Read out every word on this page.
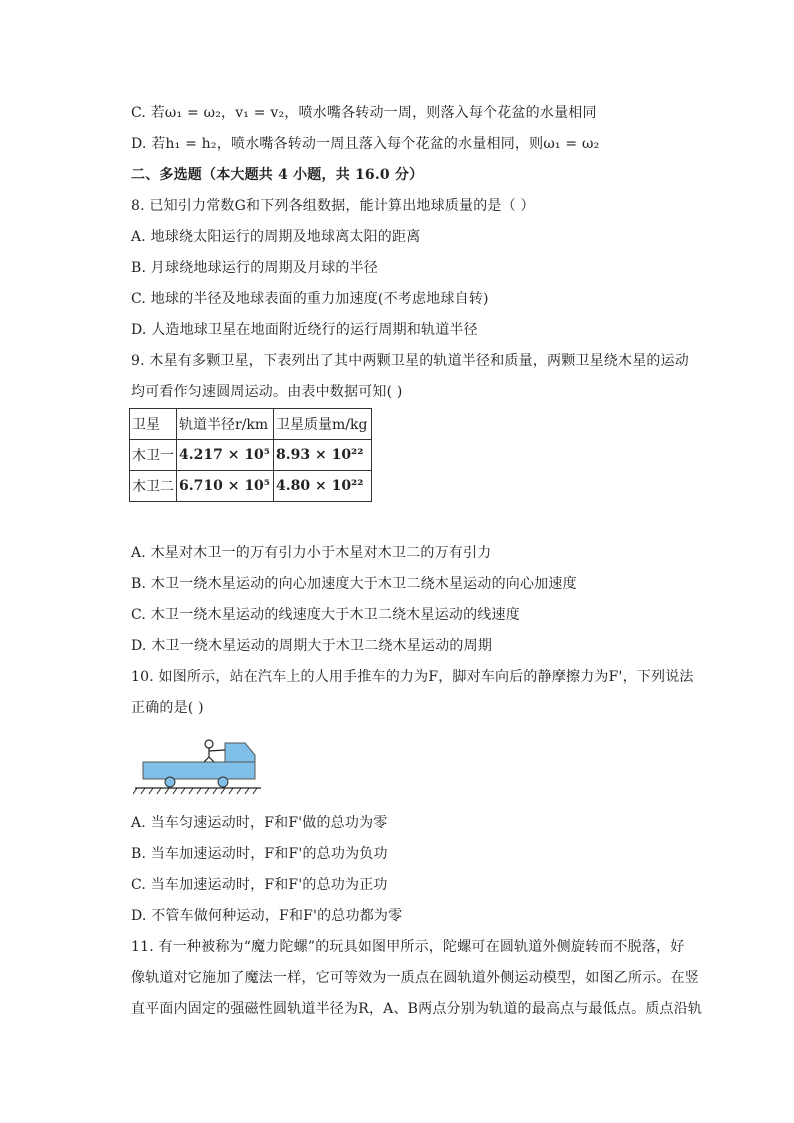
C. 若ω₁ = ω₂，v₁ = v₂，喷水嘴各转动一周，则落入每个花盆的水量相同
D. 若h₁ = h₂，喷水嘴各转动一周且落入每个花盆的水量相同，则ω₁ = ω₂
二、多选题（本大题共 4 小题，共 16.0 分）
8. 已知引力常数G和下列各组数据，能计算出地球质量的是（ ）
A. 地球绕太阳运行的周期及地球离太阳的距离
B. 月球绕地球运行的周期及月球的半径
C. 地球的半径及地球表面的重力加速度(不考虑地球自转)
D. 人造地球卫星在地面附近绕行的运行周期和轨道半径
9. 木星有多颗卫星，下表列出了其中两颗卫星的轨道半径和质量，两颗卫星绕木星的运动
均可看作匀速圆周运动。由表中数据可知( )
卫星	轨道半径r/km	卫星质量m/kg
木卫一	4.217 × 10⁵	8.93 × 10²²
木卫二	6.710 × 10⁵	4.80 × 10²²
A. 木星对木卫一的万有引力小于木星对木卫二的万有引力
B. 木卫一绕木星运动的向心加速度大于木卫二绕木星运动的向心加速度
C. 木卫一绕木星运动的线速度大于木卫二绕木星运动的线速度
D. 木卫一绕木星运动的周期大于木卫二绕木星运动的周期
10. 如图所示，站在汽车上的人用手推车的力为F，脚对车向后的静摩擦力为F'，下列说法
正确的是( )
A. 当车匀速运动时，F和F'做的总功为零
B. 当车加速运动时，F和F'的总功为负功
C. 当车加速运动时，F和F'的总功为正功
D. 不管车做何种运动，F和F'的总功都为零
11. 有一种被称为“魔力陀螺”的玩具如图甲所示，陀螺可在圆轨道外侧旋转而不脱落，好
像轨道对它施加了魔法一样，它可等效为一质点在圆轨道外侧运动模型，如图乙所示。在竖
直平面内固定的强磁性圆轨道半径为R，A、B两点分别为轨道的最高点与最低点。质点沿轨
